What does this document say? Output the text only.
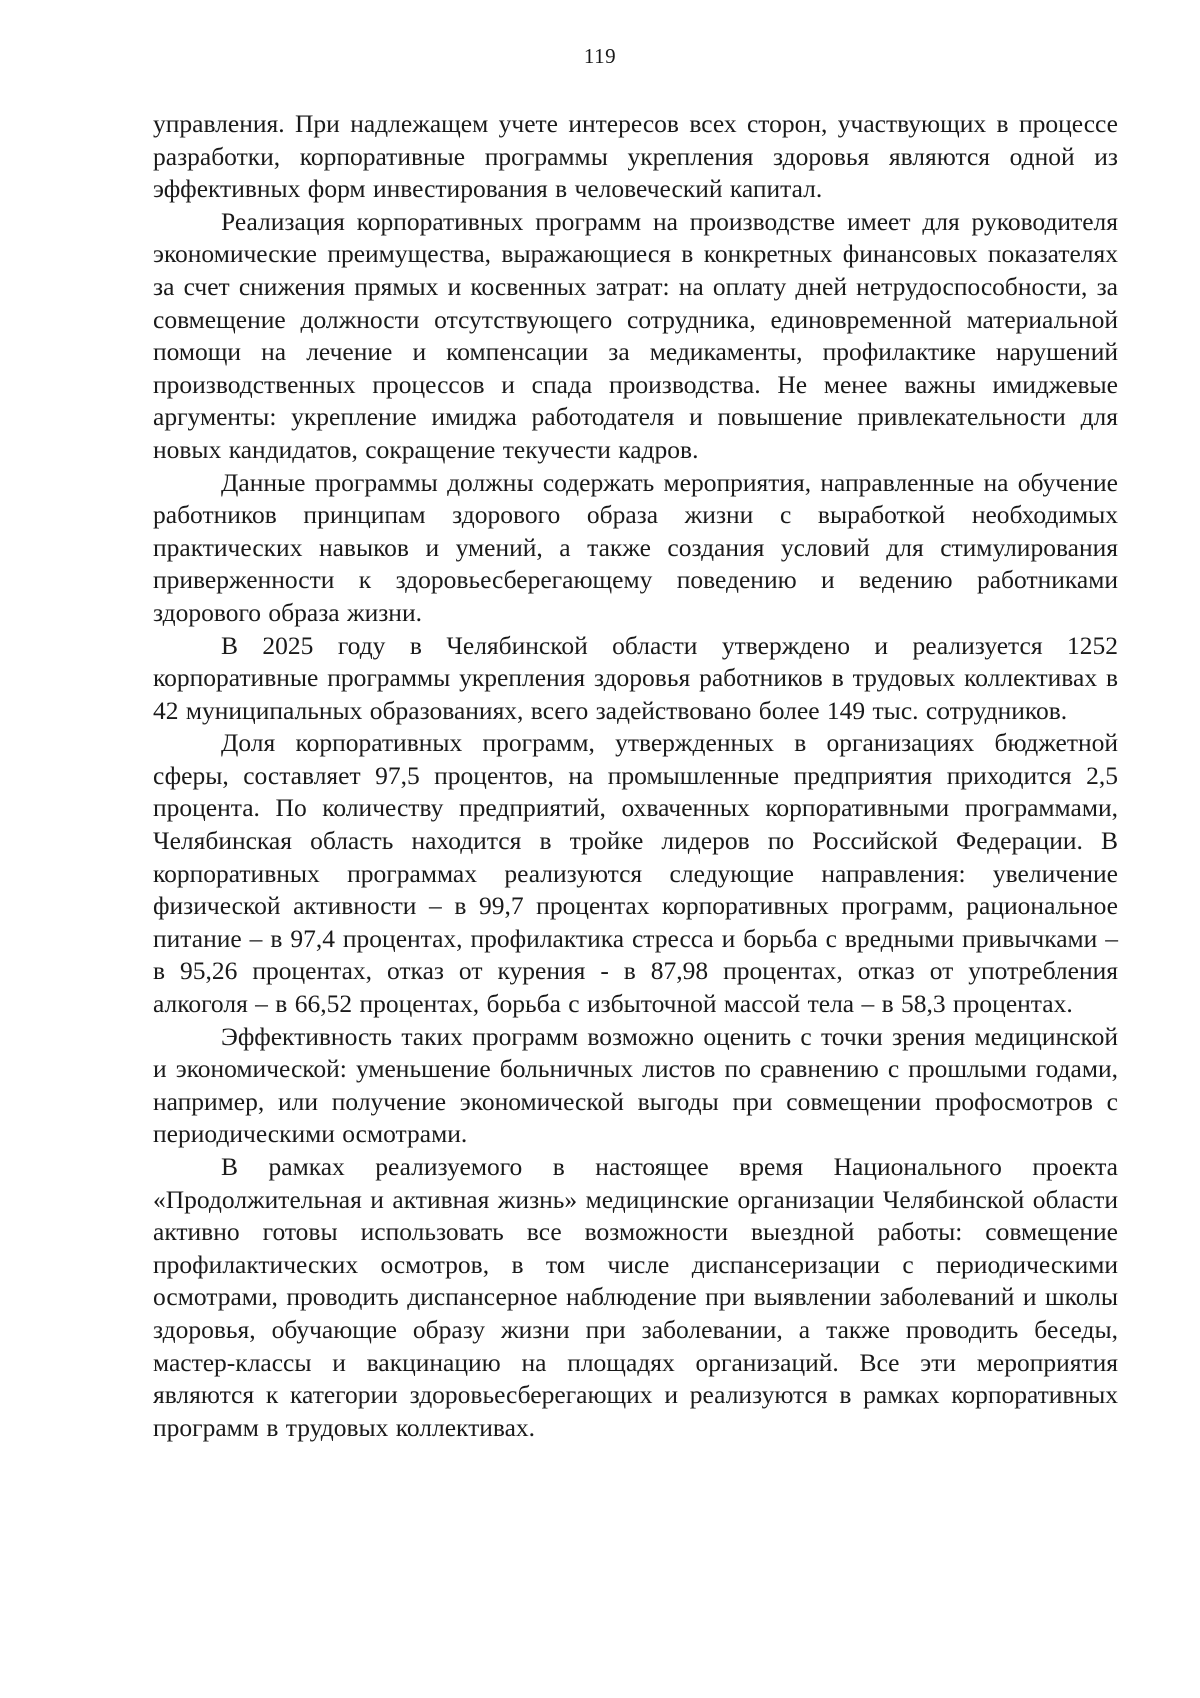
119

управления. При надлежащем учете интересов всех сторон, участвующих в процессе разработки, корпоративные программы укрепления здоровья являются одной из эффективных форм инвестирования в человеческий капитал.

Реализация корпоративных программ на производстве имеет для руководителя экономические преимущества, выражающиеся в конкретных финансовых показателях за счет снижения прямых и косвенных затрат: на оплату дней нетрудоспособности, за совмещение должности отсутствующего сотрудника, единовременной материальной помощи на лечение и компенсации за медикаменты, профилактике нарушений производственных процессов и спада производства. Не менее важны имиджевые аргументы: укрепление имиджа работодателя и повышение привлекательности для новых кандидатов, сокращение текучести кадров.

Данные программы должны содержать мероприятия, направленные на обучение работников принципам здорового образа жизни с выработкой необходимых практических навыков и умений, а также создания условий для стимулирования приверженности к здоровьесберегающему поведению и ведению работниками здорового образа жизни.

В 2025 году в Челябинской области утверждено и реализуется 1252 корпоративные программы укрепления здоровья работников в трудовых коллективах в 42 муниципальных образованиях, всего задействовано более 149 тыс. сотрудников.

Доля корпоративных программ, утвержденных в организациях бюджетной сферы, составляет 97,5 процентов, на промышленные предприятия приходится 2,5 процента. По количеству предприятий, охваченных корпоративными программами, Челябинская область находится в тройке лидеров по Российской Федерации. В корпоративных программах реализуются следующие направления: увеличение физической активности – в 99,7 процентах корпоративных программ, рациональное питание – в 97,4 процентах, профилактика стресса и борьба с вредными привычками – в 95,26 процентах, отказ от курения - в 87,98 процентах, отказ от употребления алкоголя – в 66,52 процентах, борьба с избыточной массой тела – в 58,3 процентах.

Эффективность таких программ возможно оценить с точки зрения медицинской и экономической: уменьшение больничных листов по сравнению с прошлыми годами, например, или получение экономической выгоды при совмещении профосмотров с периодическими осмотрами.

В рамках реализуемого в настоящее время Национального проекта «Продолжительная и активная жизнь» медицинские организации Челябинской области активно готовы использовать все возможности выездной работы: совмещение профилактических осмотров, в том числе диспансеризации с периодическими осмотрами, проводить диспансерное наблюдение при выявлении заболеваний и школы здоровья, обучающие образу жизни при заболевании, а также проводить беседы, мастер-классы и вакцинацию на площадях организаций. Все эти мероприятия являются к категории здоровьесберегающих и реализуются в рамках корпоративных программ в трудовых коллективах.
